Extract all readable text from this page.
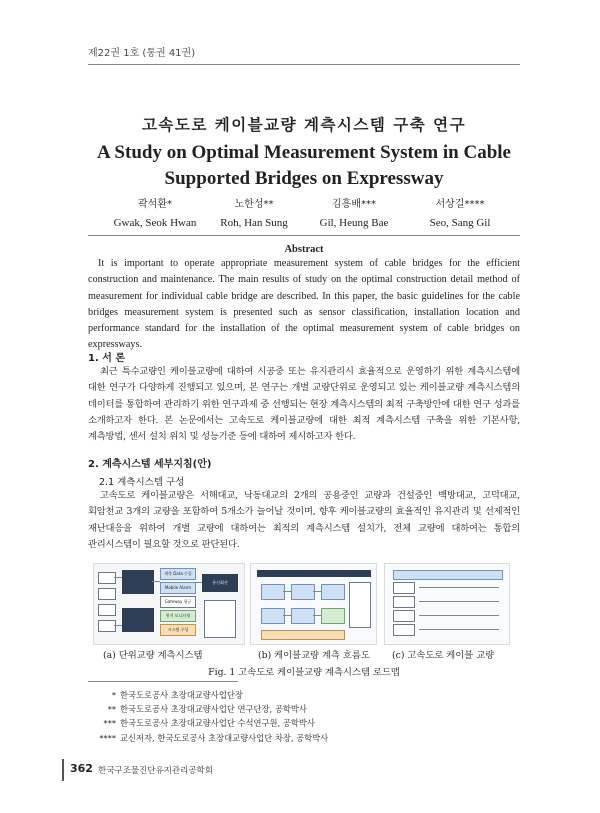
제22권 1호 (통권 41권)
고속도로 케이블교량 계측시스템 구축 연구
A Study on Optimal Measurement System in Cable
Supported Bridges on Expressway
곽석환*
Gwak, Seok Hwan
노한성**
Roh, Han Sung
김흥배***
Gil, Heung Bae
서상길****
Seo, Sang Gil
Abstract
It is important to operate appropriate measurement system of cable bridges for the efficient construction and maintenance. The main results of study on the optimal construction detail method of measurement for individual cable bridge are described. In this paper, the basic guidelines for the cable bridges measurement system is presented such as sensor classification, installation location and performance standard for the installation of the optimal measurement system of cable bridges on expressways.
1. 서 론
최근 특수교량인 케이블교량에 대하여 시공중 또는 유지관리시 효율적으로 운영하기 위한 계측시스템에 대한 연구가 다양하게 진행되고 있으며, 본 연구는 개별 교량단위로 운영되고 있는 케이블교량 계측시스템의 데이터를 통합하여 관리하기 위한 연구과제 중 선행되는 현장 계측시스템의 최적 구축방안에 대한 연구 성과를 소개하고자 한다. 본 논문에서는 고속도로 케이블교량에 대한 최적 계측시스템 구축을 위한 기본사항, 계측방법, 센서 설치 위치 및 성능기준 등에 대하여 제시하고자 한다.
2. 계측시스템 세부지침(안)
2.1 계측시스템 구성
고속도로 케이블교량은 서해대교, 낙동대교의 2개의 공용중인 교량과 건설중인 백방대교, 고덕대교, 회암천교 3개의 교량을 포함하여 5개소가 늘어날 것이며, 향후 케이블교량의 효율적인 유지관리 및 선제적인 재난대응을 위하여 개별 교량에 대하여는 최적의 계측시스템 설치가, 전체 교량에 대하여는 통합의 관리시스템이 필요할 것으로 판단된다.
계측 Data 수집
Mobile Alarm
Gateway 평균
원격 모니터링
시스템 구성
통신회선
(a) 단위교량 계측시스템	(b) 케이블교량 계측 흐름도 (c) 고속도로 케이블 교량
Fig. 1 고속도로 케이블교량 계측시스템 로드맵
* 한국도로공사 초장대교량사업단장
** 한국도로공사 초장대교량사업단 연구단장, 공학박사
*** 한국도로공사 초장대교량사업단 수석연구원, 공학박사
**** 교신저자, 한국도로공사 초장대교량사업단 차장, 공학박사
362 한국구조물진단유지관리공학회
